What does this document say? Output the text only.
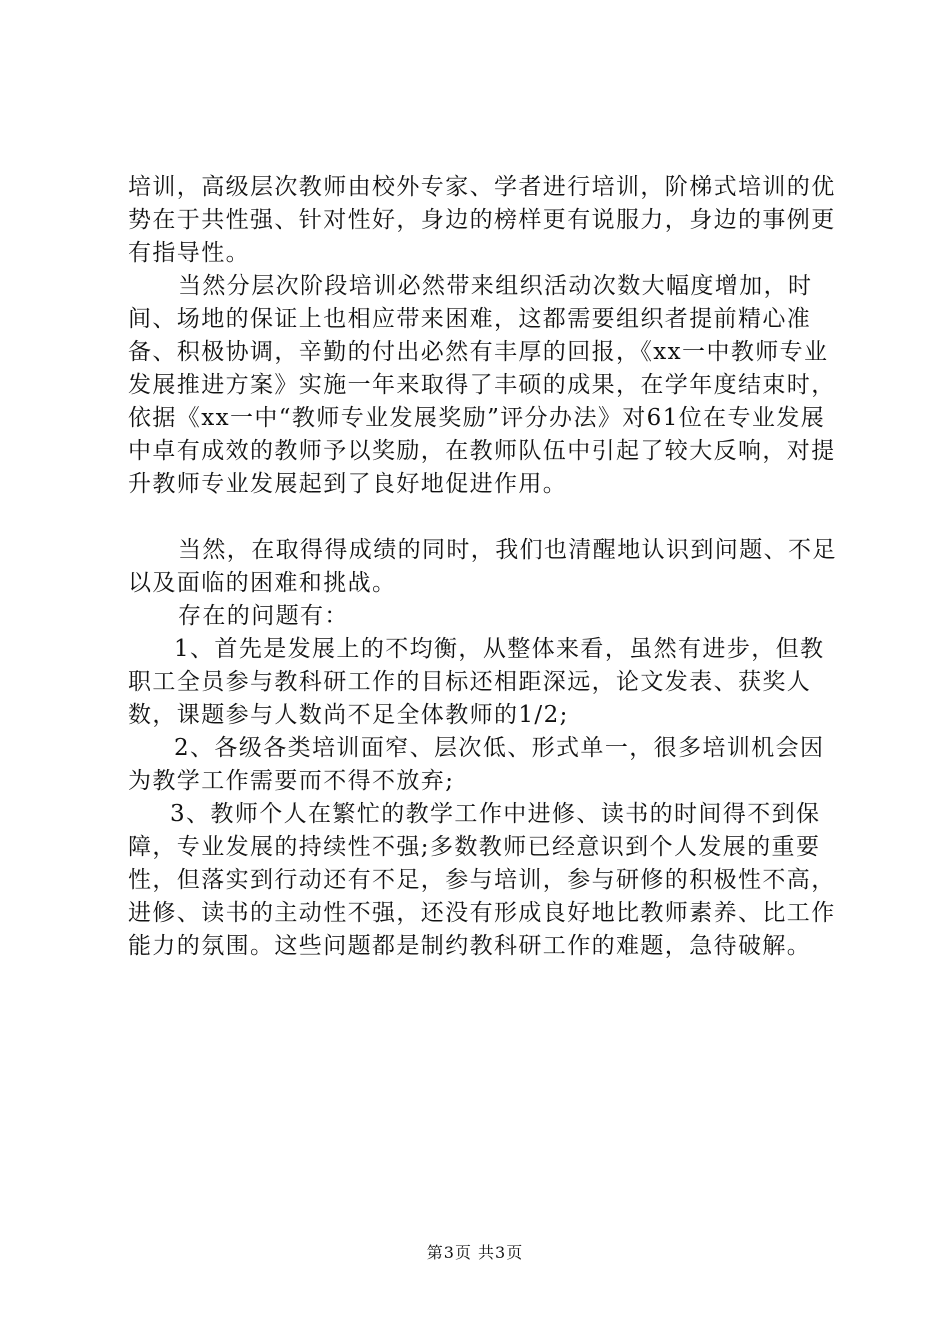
培训，高级层次教师由校外专家、学者进行培训，阶梯式培训的优势在于共性强、针对性好，身边的榜样更有说服力，身边的事例更有指导性。

当然分层次阶段培训必然带来组织活动次数大幅度增加，时间、场地的保证上也相应带来困难，这都需要组织者提前精心准备、积极协调，辛勤的付出必然有丰厚的回报，《xx一中教师专业发展推进方案》实施一年来取得了丰硕的成果，在学年度结束时，依据《xx一中“教师专业发展奖励”评分办法》对61位在专业发展中卓有成效的教师予以奖励，在教师队伍中引起了较大反响，对提升教师专业发展起到了良好地促进作用。

当然，在取得得成绩的同时，我们也清醒地认识到问题、不足以及面临的困难和挑战。

存在的问题有：

1、首先是发展上的不均衡，从整体来看，虽然有进步，但教职工全员参与教科研工作的目标还相距深远，论文发表、获奖人数，课题参与人数尚不足全体教师的1/2;

2、各级各类培训面窄、层次低、形式单一，很多培训机会因为教学工作需要而不得不放弃;

3、教师个人在繁忙的教学工作中进修、读书的时间得不到保障，专业发展的持续性不强;多数教师已经意识到个人发展的重要性，但落实到行动还有不足，参与培训，参与研修的积极性不高，进修、读书的主动性不强，还没有形成良好地比教师素养、比工作能力的氛围。这些问题都是制约教科研工作的难题，急待破解。

第3页 共3页
